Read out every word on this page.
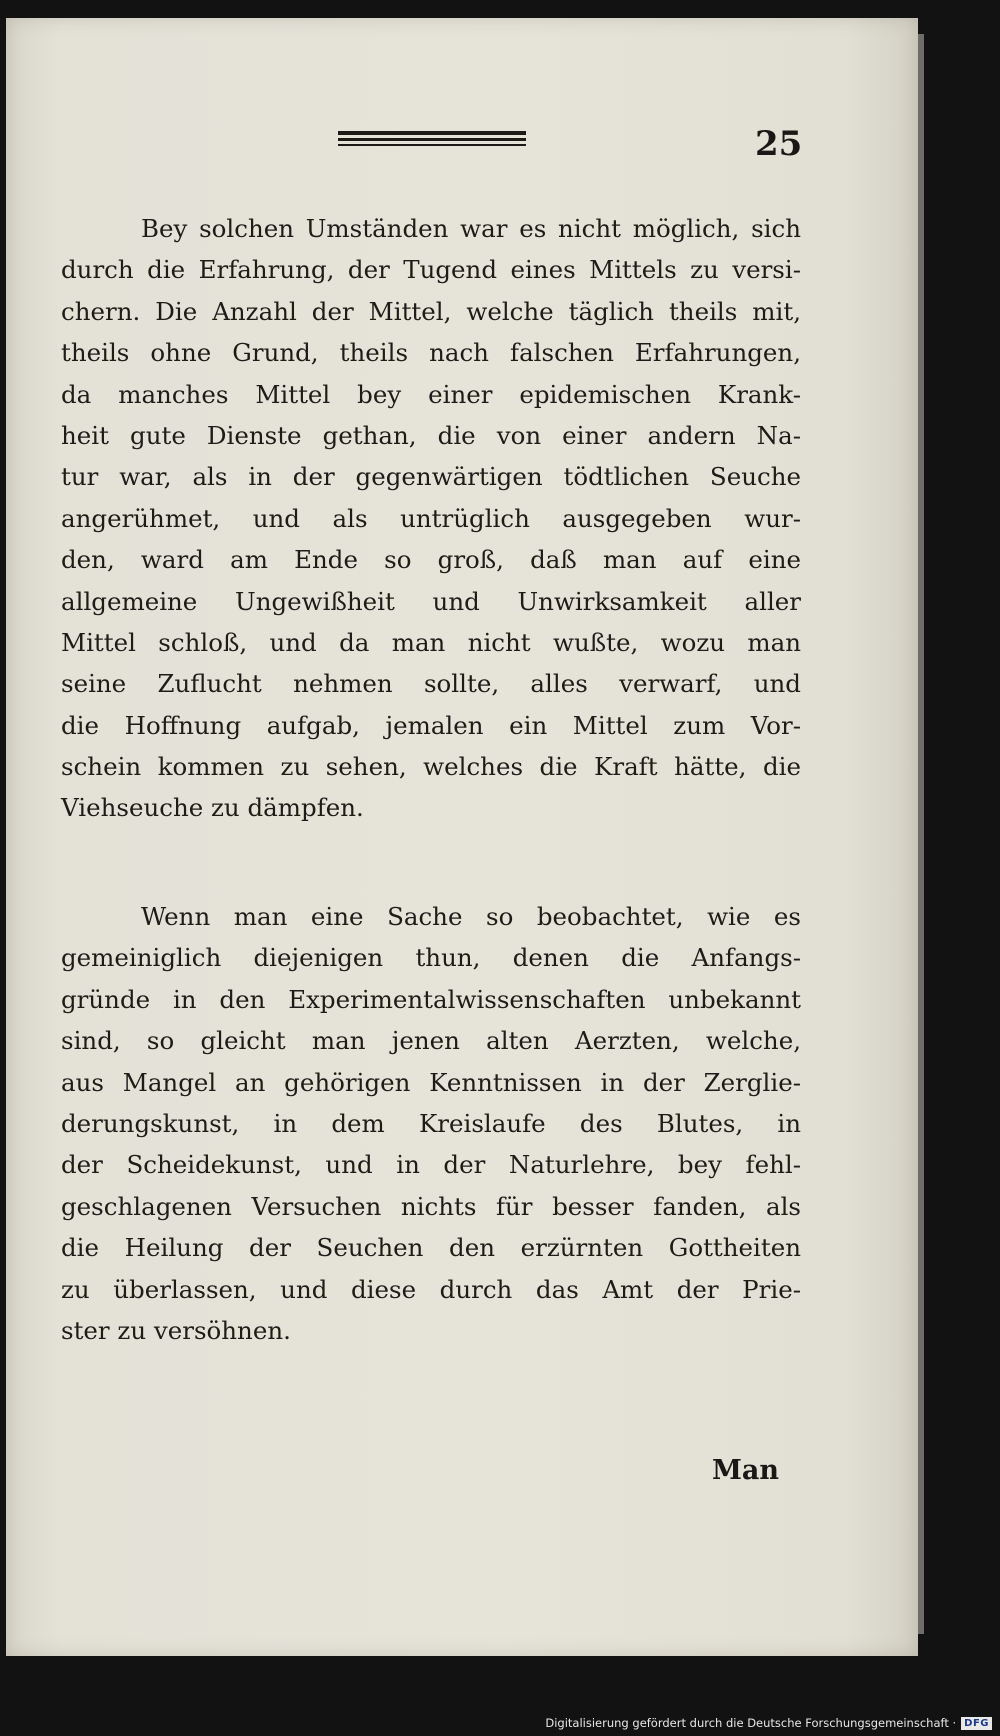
25
Bey solchen Umständen war es nicht möglich, sich
durch die Erfahrung, der Tugend eines Mittels zu versi-
chern. Die Anzahl der Mittel, welche täglich theils mit,
theils ohne Grund, theils nach falschen Erfahrungen,
da manches Mittel bey einer epidemischen Krank-
heit gute Dienste gethan, die von einer andern Na-
tur war, als in der gegenwärtigen tödtlichen Seuche
angerühmet, und als untrüglich ausgegeben wur-
den, ward am Ende so groß, daß man auf eine
allgemeine Ungewißheit und Unwirksamkeit aller
Mittel schloß, und da man nicht wußte, wozu man
seine Zuflucht nehmen sollte, alles verwarf, und
die Hoffnung aufgab, jemalen ein Mittel zum Vor-
schein kommen zu sehen, welches die Kraft hätte, die
Viehseuche zu dämpfen.
Wenn man eine Sache so beobachtet, wie es
gemeiniglich diejenigen thun, denen die Anfangs-
gründe in den Experimentalwissenschaften unbekannt
sind, so gleicht man jenen alten Aerzten, welche,
aus Mangel an gehörigen Kenntnissen in der Zerglie-
derungskunst, in dem Kreislaufe des Blutes, in
der Scheidekunst, und in der Naturlehre, bey fehl-
geschlagenen Versuchen nichts für besser fanden, als
die Heilung der Seuchen den erzürnten Gottheiten
zu überlassen, und diese durch das Amt der Prie-
ster zu versöhnen.
Man
Digitalisierung gefördert durch die Deutsche Forschungsgemeinschaft · DFG
